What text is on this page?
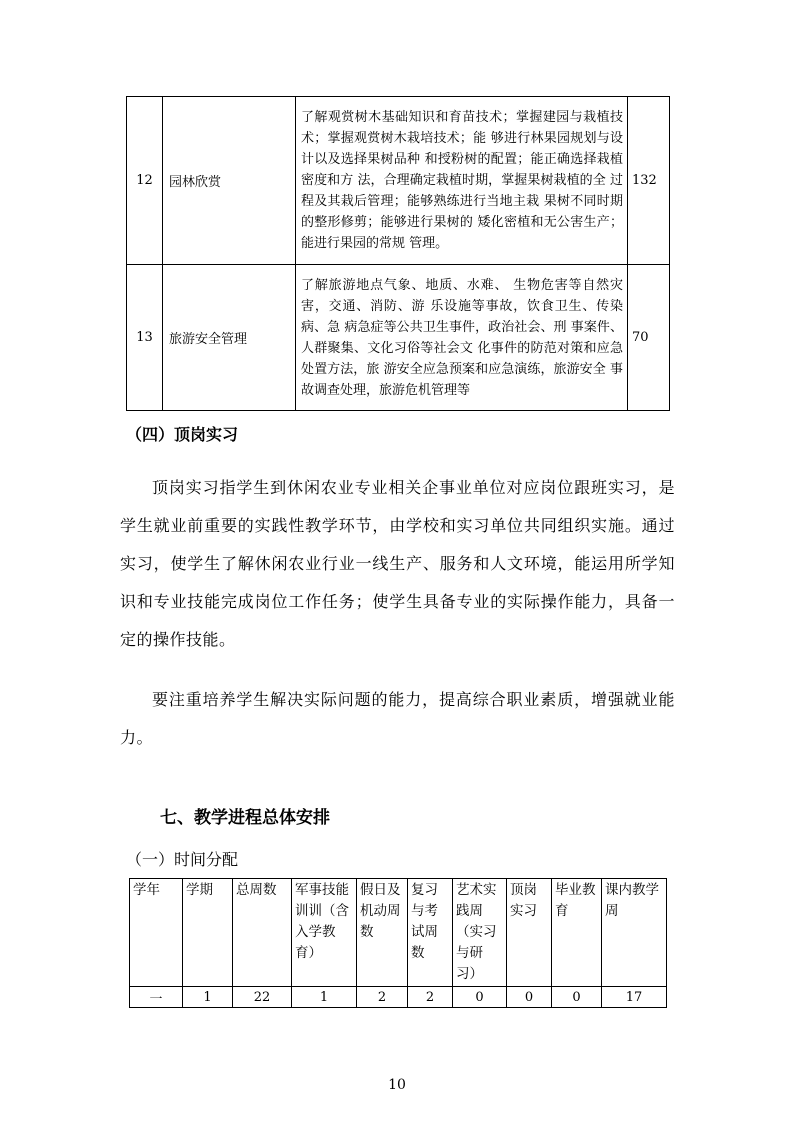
12	园林欣赏	了解观赏树木基础知识和育苗技术；掌握建园与栽植技术；掌握观赏树木栽培技术；能 够进行林果园规划与设计以及选择果树品种 和授粉树的配置；能正确选择栽植密度和方 法，合理确定栽植时期，掌握果树栽植的全 过程及其栽后管理；能够熟练进行当地主栽 果树不同时期的整形修剪；能够进行果树的 矮化密植和无公害生产；能进行果园的常规 管理。	132
13	旅游安全管理	了解旅游地点气象、地质、水难、 生物危害等自然灾害，交通、消防、游 乐设施等事故，饮食卫生、传染病、急 病急症等公共卫生事件，政治社会、刑 事案件、人群聚集、文化习俗等社会文 化事件的防范对策和应急处置方法，旅 游安全应急预案和应急演练，旅游安全 事故调查处理，旅游危机管理等	70
（四）顶岗实习
顶岗实习指学生到休闲农业专业相关企事业单位对应岗位跟班实习，是学生就业前重要的实践性教学环节，由学校和实习单位共同组织实施。通过实习，使学生了解休闲农业行业一线生产、服务和人文环境，能运用所学知识和专业技能完成岗位工作任务；使学生具备专业的实际操作能力，具备一定的操作技能。
要注重培养学生解决实际问题的能力，提高综合职业素质，增强就业能力。
七、教学进程总体安排
（一）时间分配
学年	学期	总周数	军事技能训训（含入学教育）	假日及机动周数	复习与考试周数	艺术实践周（实习与研习）	顶岗实习	毕业教育	课内教学周
一	1	22	1	2	2	0	0	0	17
10
